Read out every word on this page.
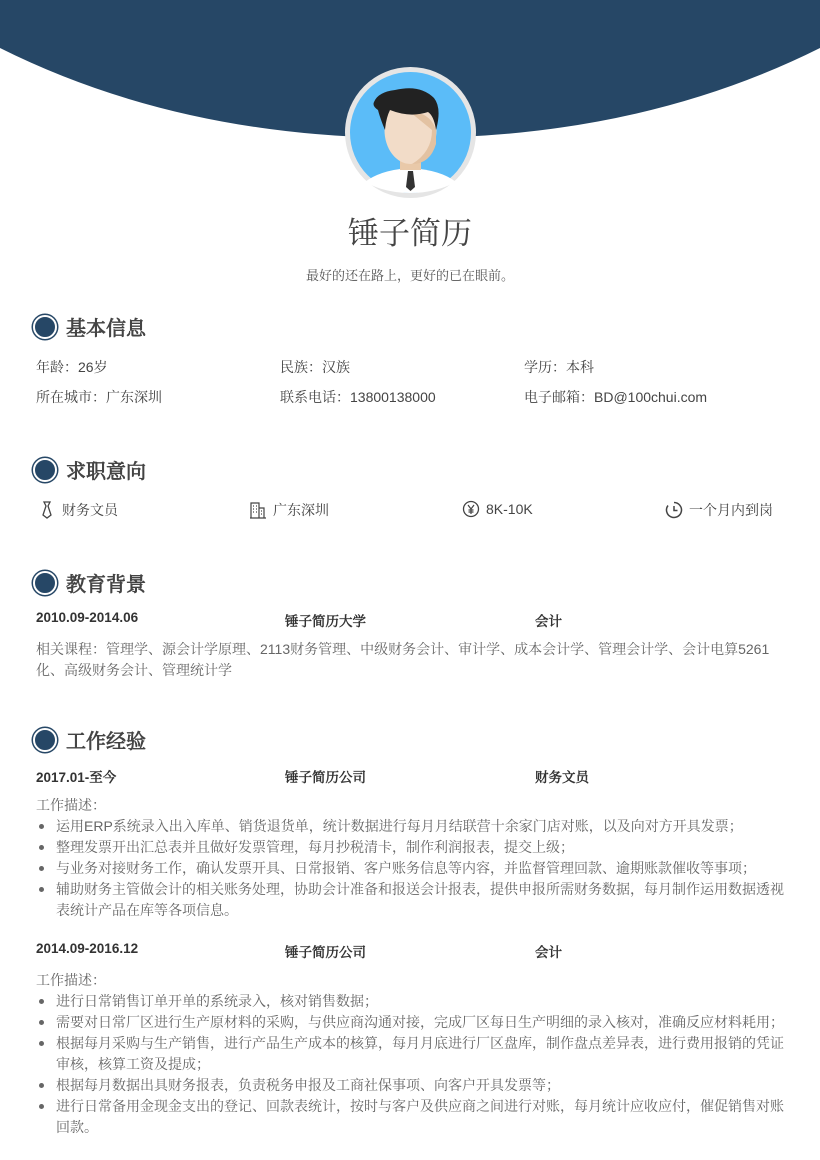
锤子简历
最好的还在路上，更好的已在眼前。
基本信息
年龄：26岁	民族：汉族	学历：本科
所在城市：广东深圳	联系电话：13800138000	电子邮箱：BD@100chui.com
求职意向
财务文员	广东深圳	8K-10K	一个月内到岗
教育背景
2010.09-2014.06	锤子简历大学	会计
相关课程：管理学、源会计学原理、2113财务管理、中级财务会计、审计学、成本会计学、管理会计学、会计电算5261化、高级财务会计、管理统计学
工作经验
2017.01-至今	锤子简历公司	财务文员
工作描述：
运用ERP系统录入出入库单、销货退货单，统计数据进行每月月结联营十余家门店对账，以及向对方开具发票；
整理发票开出汇总表并且做好发票管理，每月抄税清卡，制作利润报表，提交上级；
与业务对接财务工作，确认发票开具、日常报销、客户账务信息等内容，并监督管理回款、逾期账款催收等事项；
辅助财务主管做会计的相关账务处理，协助会计准备和报送会计报表，提供申报所需财务数据，每月制作运用数据透视表统计产品在库等各项信息。
2014.09-2016.12	锤子简历公司	会计
工作描述：
进行日常销售订单开单的系统录入，核对销售数据；
需要对日常厂区进行生产原材料的采购，与供应商沟通对接，完成厂区每日生产明细的录入核对，准确反应材料耗用；
根据每月采购与生产销售，进行产品生产成本的核算，每月月底进行厂区盘库，制作盘点差异表，进行费用报销的凭证审核，核算工资及提成；
根据每月数据出具财务报表，负责税务申报及工商社保事项、向客户开具发票等；
进行日常备用金现金支出的登记、回款表统计，按时与客户及供应商之间进行对账，每月统计应收应付，催促销售对账回款。
